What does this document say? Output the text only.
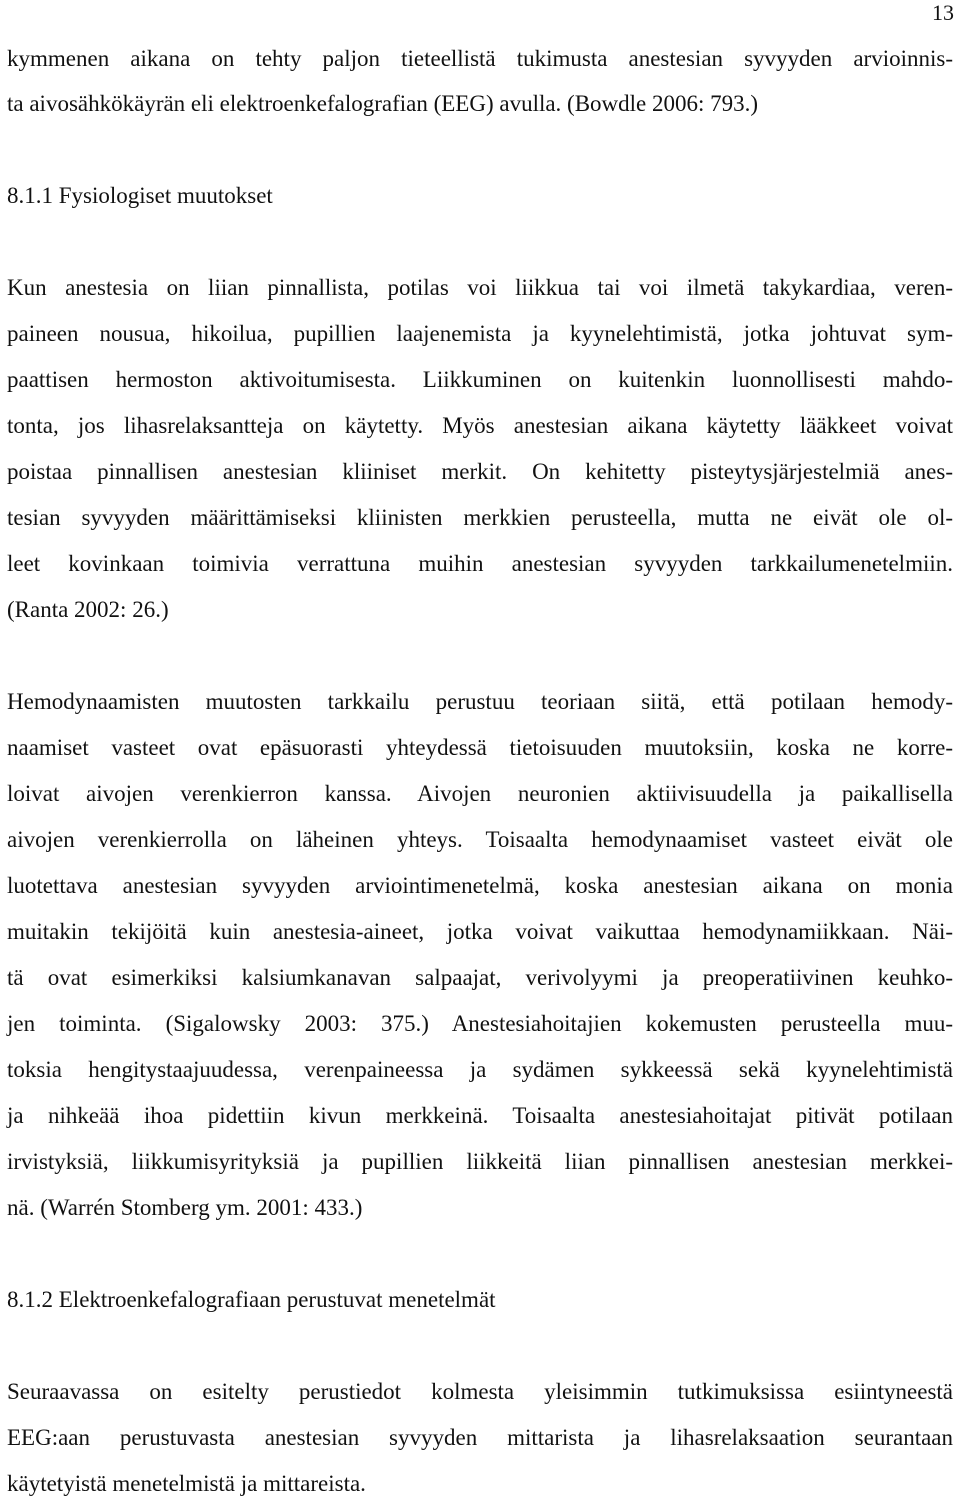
13
kymmenen aikana on tehty paljon tieteellistä tukimusta anestesian syvyyden arvioinnis-
ta aivosähkökäyrän eli elektroenkefalografian (EEG) avulla. (Bowdle 2006: 793.)
8.1.1 Fysiologiset muutokset
Kun anestesia on liian pinnallista, potilas voi liikkua tai voi ilmetä takykardiaa, veren-
paineen nousua, hikoilua, pupillien laajenemista ja kyynelehtimistä, jotka johtuvat sym-
paattisen hermoston aktivoitumisesta. Liikkuminen on kuitenkin luonnollisesti mahdo-
tonta, jos lihasrelaksantteja on käytetty. Myös anestesian aikana käytetty lääkkeet voivat
poistaa pinnallisen anestesian kliiniset merkit. On kehitetty pisteytysjärjestelmiä anes-
tesian syvyyden määrittämiseksi kliinisten merkkien perusteella, mutta ne eivät ole ol-
leet kovinkaan toimivia verrattuna muihin anestesian syvyyden tarkkailumenetelmiin.
(Ranta 2002: 26.)
Hemodynaamisten muutosten tarkkailu perustuu teoriaan siitä, että potilaan hemody-
naamiset vasteet ovat epäsuorasti yhteydessä tietoisuuden muutoksiin, koska ne korre-
loivat aivojen verenkierron kanssa. Aivojen neuronien aktiivisuudella ja paikallisella
aivojen verenkierrolla on läheinen yhteys. Toisaalta hemodynaamiset vasteet eivät ole
luotettava anestesian syvyyden arviointimenetelmä, koska anestesian aikana on monia
muitakin tekijöitä kuin anestesia-aineet, jotka voivat vaikuttaa hemodynamiikkaan. Näi-
tä ovat esimerkiksi kalsiumkanavan salpaajat, verivolyymi ja preoperatiivinen keuhko-
jen toiminta. (Sigalowsky 2003: 375.) Anestesiahoitajien kokemusten perusteella muu-
toksia hengitystaajuudessa, verenpaineessa ja sydämen sykkeessä sekä kyynelehtimistä
ja nihkeää ihoa pidettiin kivun merkkeinä. Toisaalta anestesiahoitajat pitivät potilaan
irvistyksiä, liikkumisyrityksiä ja pupillien liikkeitä liian pinnallisen anestesian merkkei-
nä. (Warrén Stomberg ym. 2001: 433.)
8.1.2 Elektroenkefalografiaan perustuvat menetelmät
Seuraavassa on esitelty perustiedot kolmesta yleisimmin tutkimuksissa esiintyneestä
EEG:aan perustuvasta anestesian syvyyden mittarista ja lihasrelaksaation seurantaan
käytetyistä menetelmistä ja mittareista.
